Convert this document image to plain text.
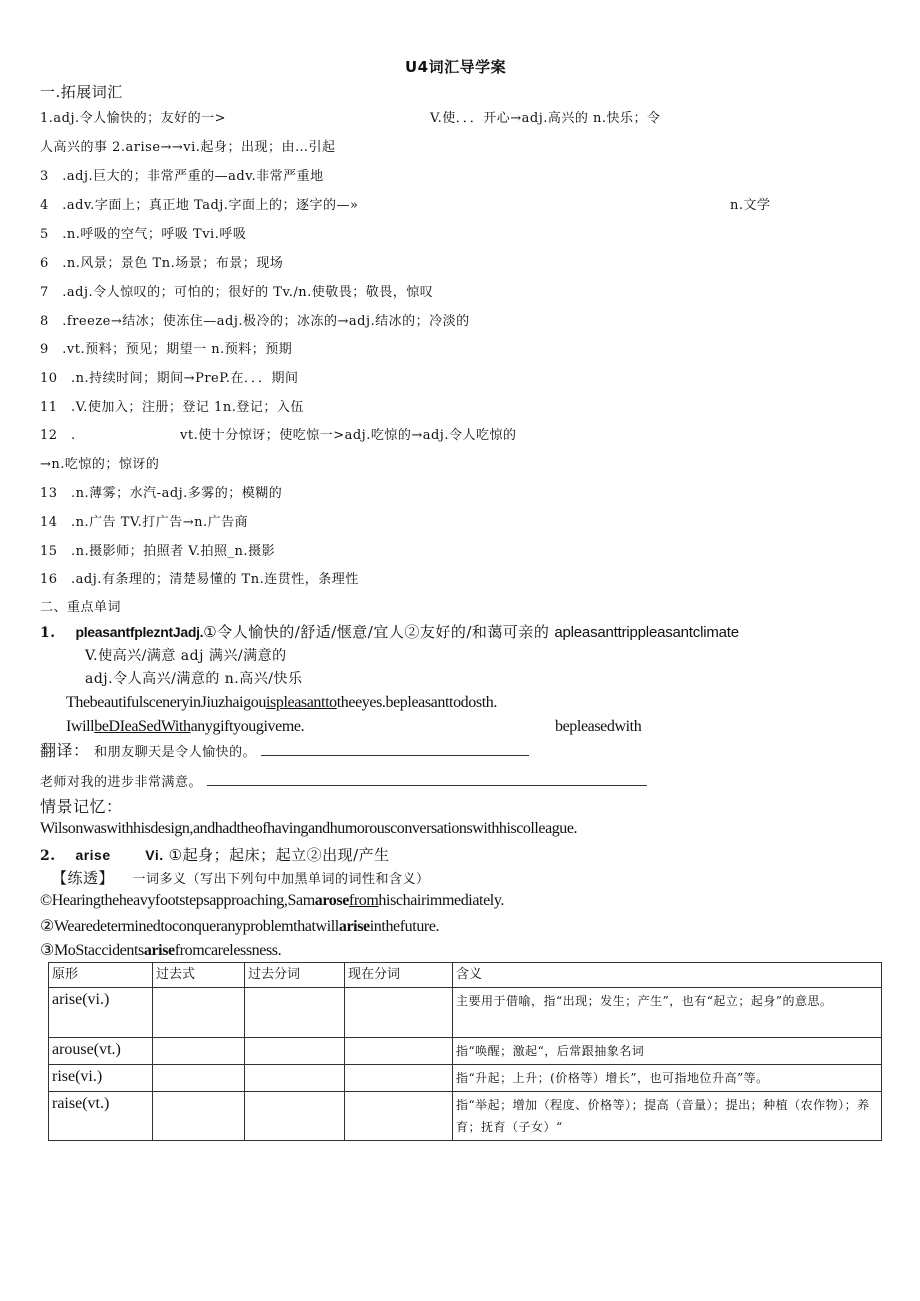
U4词汇导学案
一.拓展词汇
1.adj.令人愉快的；友好的一>	V.使．．．开心→adj.高兴的 n.快乐；令
人高兴的事 2.arise→→vi.起身；出现；由…引起
3　.adj.巨大的；非常严重的—adv.非常严重地
4　.adv.字面上；真正地 Tadj.字面上的；逐字的—»	n.文学
5　.n.呼吸的空气；呼吸 Tvi.呼吸
6　.n.风景；景色 Tn.场景；布景；现场
7　.adj.令人惊叹的；可怕的；很好的 Tv./n.使敬畏；敬畏，惊叹
8　.freeze→结冰；使冻住—adj.极冷的；冰冻的→adj.结冰的；冷淡的
9　.vt.预料；预见；期望一 n.预料；预期
10　.n.持续时间；期间→PreP.在．．．期间
11　.V.使加入；注册；登记 1n.登记；入伍
12　.	vt.使十分惊讶；使吃惊一>adj.吃惊的→adj.令人吃惊的
→n.吃惊的；惊讶的
13　.n.薄雾；水汽-adj.多雾的；模糊的
14　.n.广告 TV.打广告→n.广告商
15　.n.摄影师；拍照者 V.拍照_n.摄影
16　.adj.有条理的；清楚易懂的 Tn.连贯性，条理性
二、重点单词
1. pleasantfplezntJadj.①令人愉快的/舒适/惬意/宜人②友好的/和蔼可亲的 apleasanttrippleasantclimate
V.使高兴/满意 adj 满兴/满意的
adj.令人高兴/满意的 n.高兴/快乐
ThebeautifulsceneryinJiuzhaigouispleasanttotheeyes.bepleasanttodosth.
IwillbeDIeaSedWithanygiftyougiveme.	bepleasedwith
翻译： 和朋友聊天是令人愉快的。
老师对我的进步非常满意。
情景记忆：
Wilsonwaswithhisdesign,andhadtheofhavingandhumorousconversationswithhiscolleague.
2. arise Vi. ①起身；起床；起立②出现/产生
【练透】 一词多义（写出下列句中加黑单词的词性和含义）
©Hearingtheheavyfootstepsapproaching,Samarosefromhischairimmediately.
②Wearedeterminedtoconqueranyproblemthatwillariseinthefuture.
③MoStaccidentsarisefromcarelessness.
原形	过去式	过去分词	现在分词	含义
arise(vi.)				主要用于借喻，指“出现；发生；产生”，也有“起立；起身”的意思。
arouse(vt.)				指“唤醒；激起“，后常跟抽象名词
rise(vi.)				指“升起；上升；(价格等）增长”，也可指地位升高”等。
raise(vt.)				指“举起；增加（程度、价格等）；提高（音量）；提出；种植（农作物）；养育；抚育（子女）“
